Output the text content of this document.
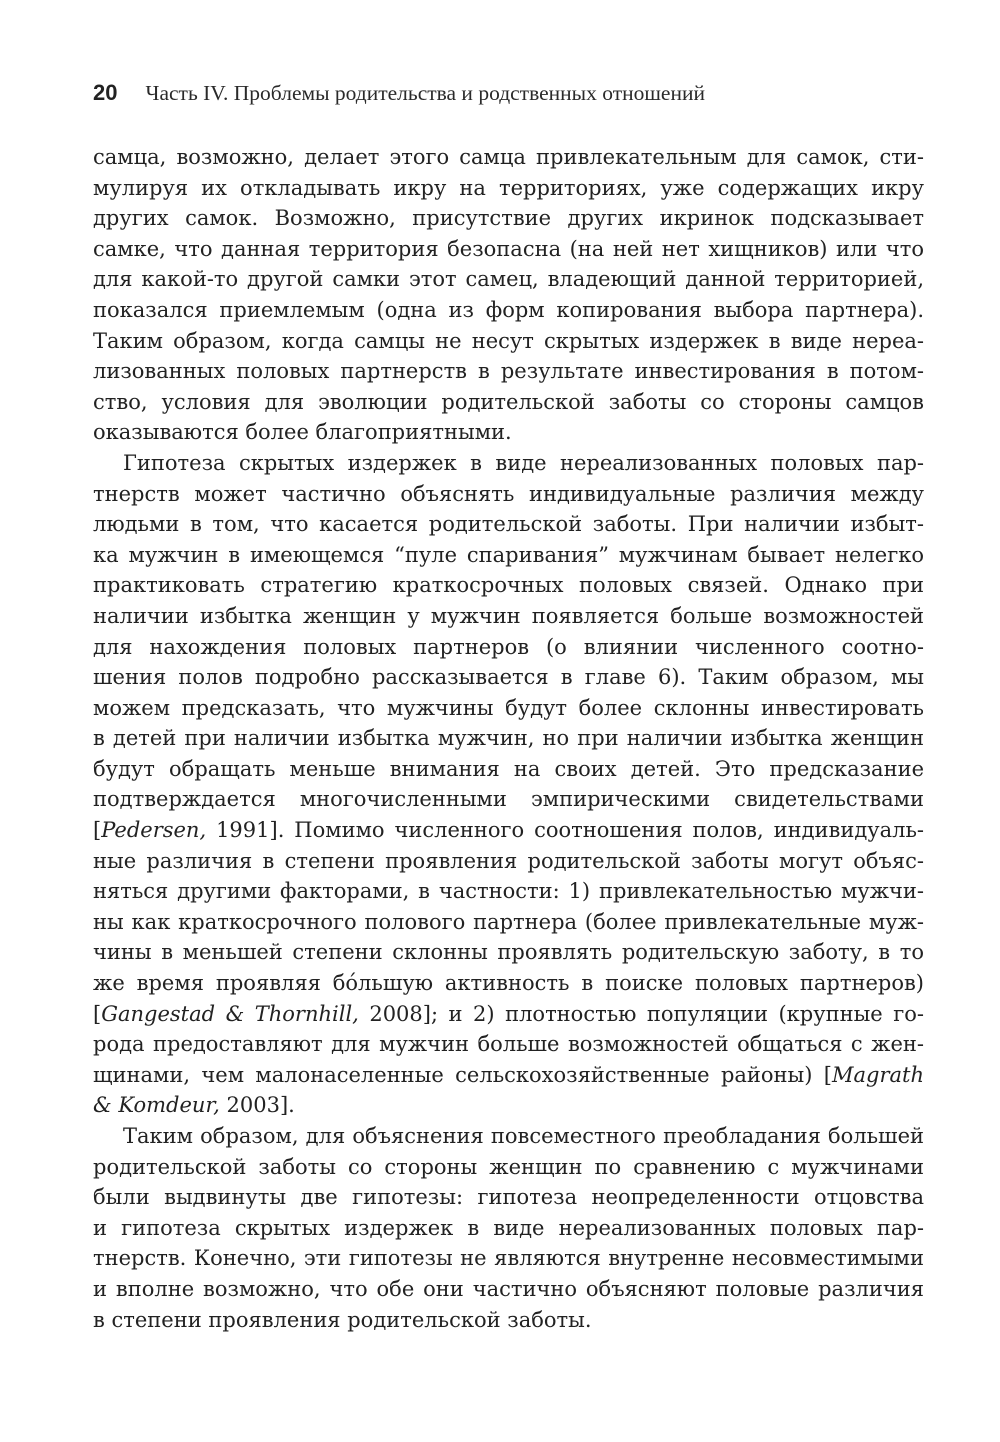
20 Часть IV. Проблемы родительства и родственных отношений
самца, возможно, делает этого самца привлекательным для самок, сти-
мулируя их откладывать икру на территориях, уже содержащих икру
других самок. Возможно, присутствие других икринок подсказывает
самке, что данная территория безопасна (на ней нет хищников) или что
для какой-то другой самки этот самец, владеющий данной территорией,
показался приемлемым (одна из форм копирования выбора партнера).
Таким образом, когда самцы не несут скрытых издержек в виде нереа-
лизованных половых партнерств в результате инвестирования в потом-
ство, условия для эволюции родительской заботы со стороны самцов
оказываются более благоприятными.
Гипотеза скрытых издержек в виде нереализованных половых пар-
тнерств может частично объяснять индивидуальные различия между
людьми в том, что касается родительской заботы. При наличии избыт-
ка мужчин в имеющемся “пуле спаривания” мужчинам бывает нелегко
практиковать стратегию краткосрочных половых связей. Однако при
наличии избытка женщин у мужчин появляется больше возможностей
для нахождения половых партнеров (о влиянии численного соотно-
шения полов подробно рассказывается в главе 6). Таким образом, мы
можем предсказать, что мужчины будут более склонны инвестировать
в детей при наличии избытка мужчин, но при наличии избытка женщин
будут обращать меньше внимания на своих детей. Это предсказание
подтверждается многочисленными эмпирическими свидетельствами
[Pedersen, 1991]. Помимо численного соотношения полов, индивидуаль-
ные различия в степени проявления родительской заботы могут объяс-
няться другими факторами, в частности: 1) привлекательностью мужчи-
ны как краткосрочного полового партнера (более привлекательные муж-
чины в меньшей степени склонны проявлять родительскую заботу, в то
же время проявляя бо́льшую активность в поиске половых партнеров)
[Gangestad & Thornhill, 2008]; и 2) плотностью популяции (крупные го-
рода предоставляют для мужчин больше возможностей общаться с жен-
щинами, чем малонаселенные сельскохозяйственные районы) [Magrath
& Komdeur, 2003].
Таким образом, для объяснения повсеместного преобладания большей
родительской заботы со стороны женщин по сравнению с мужчинами
были выдвинуты две гипотезы: гипотеза неопределенности отцовства
и гипотеза скрытых издержек в виде нереализованных половых пар-
тнерств. Конечно, эти гипотезы не являются внутренне несовместимыми
и вполне возможно, что обе они частично объясняют половые различия
в степени проявления родительской заботы.
